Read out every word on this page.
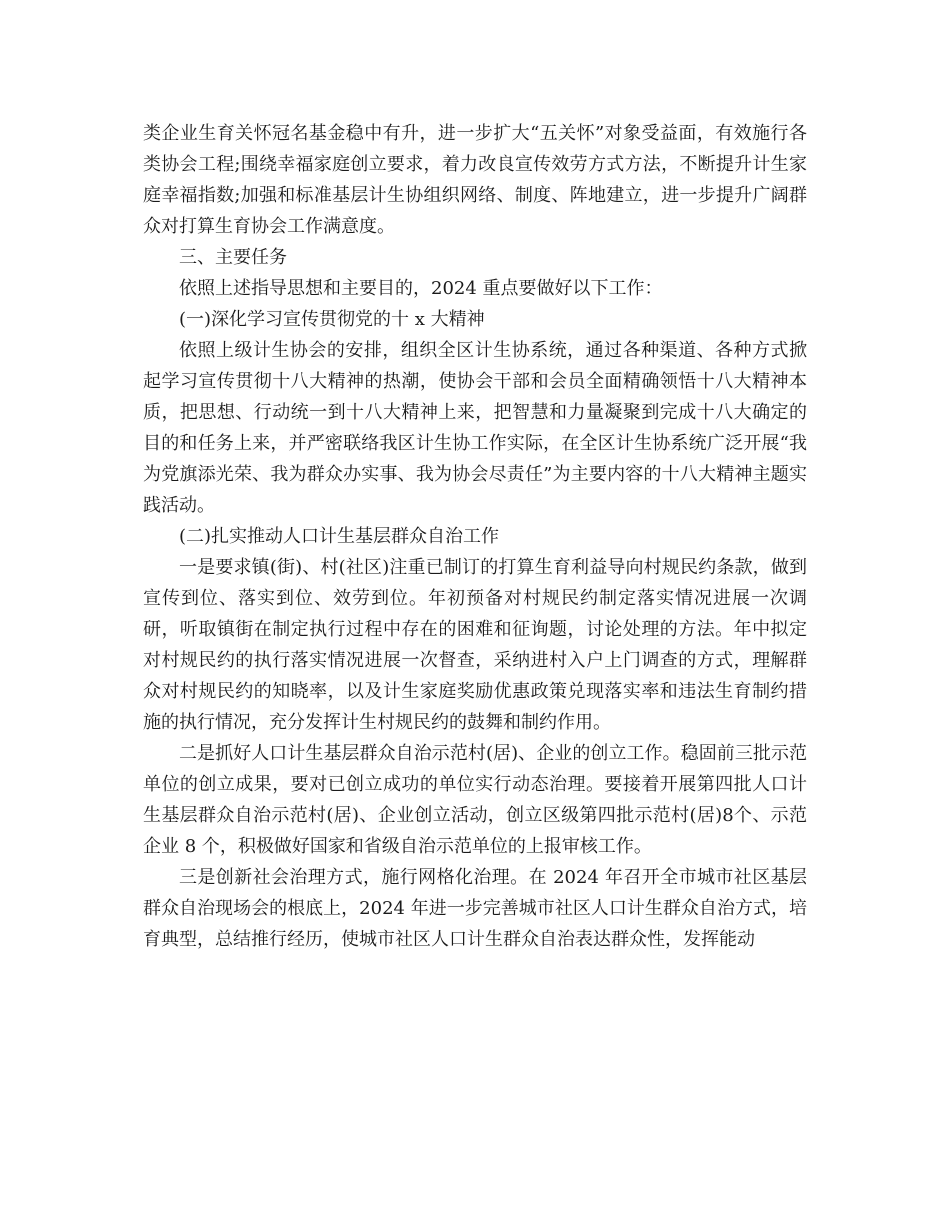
类企业生育关怀冠名基金稳中有升，进一步扩大“五关怀”对象受益面，有效施行各类协会工程;围绕幸福家庭创立要求，着力改良宣传效劳方式方法，不断提升计生家庭幸福指数;加强和标准基层计生协组织网络、制度、阵地建立，进一步提升广阔群众对打算生育协会工作满意度。

三、主要任务

依照上述指导思想和主要目的，2024 重点要做好以下工作：

(一)深化学习宣传贯彻党的十 x 大精神

依照上级计生协会的安排，组织全区计生协系统，通过各种渠道、各种方式掀起学习宣传贯彻十八大精神的热潮，使协会干部和会员全面精确领悟十八大精神本质，把思想、行动统一到十八大精神上来，把智慧和力量凝聚到完成十八大确定的目的和任务上来，并严密联络我区计生协工作实际，在全区计生协系统广泛开展“我为党旗添光荣、我为群众办实事、我为协会尽责任”为主要内容的十八大精神主题实践活动。

(二)扎实推动人口计生基层群众自治工作

一是要求镇(街)、村(社区)注重已制订的打算生育利益导向村规民约条款，做到宣传到位、落实到位、效劳到位。年初预备对村规民约制定落实情况进展一次调研，听取镇街在制定执行过程中存在的困难和征询题，讨论处理的方法。年中拟定对村规民约的执行落实情况进展一次督查，采纳进村入户上门调查的方式，理解群众对村规民约的知晓率，以及计生家庭奖励优惠政策兑现落实率和违法生育制约措施的执行情况，充分发挥计生村规民约的鼓舞和制约作用。

二是抓好人口计生基层群众自治示范村(居)、企业的创立工作。稳固前三批示范单位的创立成果，要对已创立成功的单位实行动态治理。要接着开展第四批人口计生基层群众自治示范村(居)、企业创立活动，创立区级第四批示范村(居)8个、示范企业 8 个，积极做好国家和省级自治示范单位的上报审核工作。

三是创新社会治理方式，施行网格化治理。在 2024 年召开全市城市社区基层群众自治现场会的根底上，2024 年进一步完善城市社区人口计生群众自治方式，培育典型，总结推行经历，使城市社区人口计生群众自治表达群众性，发挥能动
